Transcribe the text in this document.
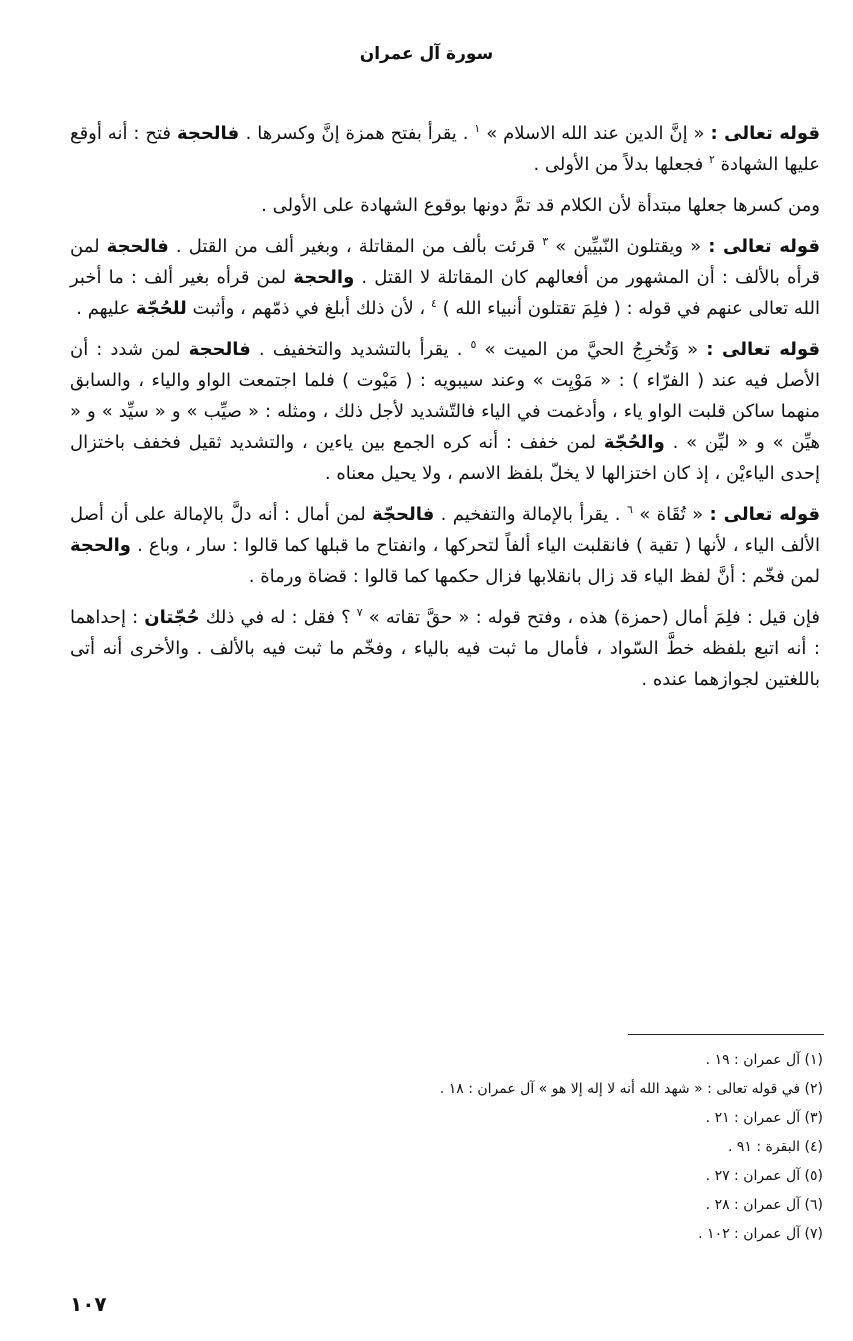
سورة آل عمران

قوله تعالى : « إنَّ الدين عند الله الاسلام » $^١$ . يقرأ بفتح همزة إنَّ وكسرها . فالحجة فتح : أنه أوقع عليها الشهادة $^٢$ فجعلها بدلاً من الأولى .

ومن كسرها جعلها مبتدأة لأن الكلام قد تمَّ دونها بوقوع الشهادة على الأولى .

قوله تعالى : « ويقتلون النّبيِّين » $^٣$ قرئت بألف من المقاتلة ، وبغير ألف من القتل . فالحجة لمن قرأه بالألف : أن المشهور من أفعالهم كان المقاتلة لا القتل . والحجة لمن قرأه بغير ألف : ما أخبر الله تعالى عنهم في قوله : ( فلِمَ تقتلون أنبياء الله ) $^٤$ ، لأن ذلك أبلغ في ذمّهم ، وأثبت للحُجّة عليهم .

قوله تعالى : « وَتُخرِجُ الحيَّ من الميت » $^٥$ . يقرأ بالتشديد والتخفيف . فالحجة لمن شدد : أن الأصل فيه عند ( الفرّاء ) : « مَوْيِت » وعند سيبويه : ( مَيْوت ) فلما اجتمعت الواو والياء ، والسابق منهما ساكن قلبت الواو ياء ، وأدغمت في الياء فالتّشديد لأجل ذلك ، ومثله : « صيِّب » و « سيِّد » و « هيِّن » و « ليِّن » . والحُجّة لمن خفف : أنه كره الجمع بين ياءين ، والتشديد ثقيل فخفف باختزال إحدى الياءيْن ، إذ كان اختزالها لا يخلّ بلفظ الاسم ، ولا يحيل معناه .

قوله تعالى : « تُقَاة » $^٦$ . يقرأ بالإمالة والتفخيم . فالحجّة لمن أمال : أنه دلَّ بالإمالة على أن أصل الألف الياء ، لأنها ( تقية ) فانقلبت الياء ألفاً لتحركها ، وانفتاح ما قبلها كما قالوا : سار ، وباع . والحجة لمن فخّم : أنَّ لفظ الياء قد زال بانقلابها فزال حكمها كما قالوا : قضاة ورماة .

فإن قيل : فلِمَ أمال (حمزة) هذه ، وفتح قوله : « حقَّ تقاته » $^٧$ ؟ فقل : له في ذلك حُجّتان : إحداهما : أنه اتبع بلفظه خطَّ السّواد ، فأمال ما ثبت فيه بالياء ، وفخّم ما ثبت فيه بالألف . والأخرى أنه أتى باللغتين لجوازهما عنده .

(١) آل عمران : ١٩ .
(٢) في قوله تعالى : « شهد الله أنه لا إله إلا هو » آل عمران : ١٨ .
(٣) آل عمران : ٢١ .
(٤) البقرة : ٩١ .
(٥) آل عمران : ٢٧ .
(٦) آل عمران : ٢٨ .
(٧) آل عمران : ١٠٢ .
١٠٧
